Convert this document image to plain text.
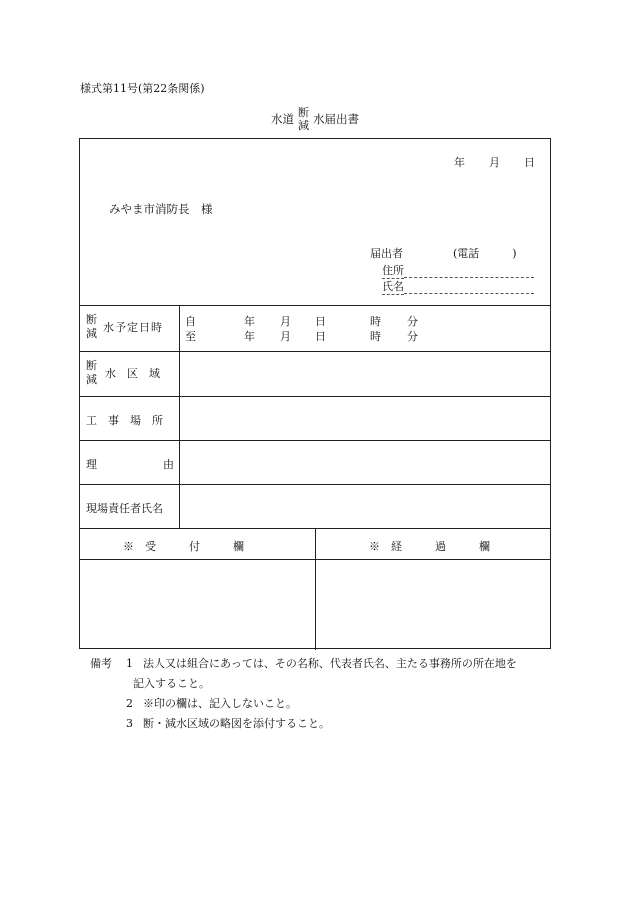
様式第11号(第22条関係)
水道 断
減 水届出書
年 月 日
みやま市消防長　様
届出者	(電話　　　)
住所
氏名
断
減 水予定日時 自	年 月 日	時 分
至	年 月 日	時 分
断
減 水　区　域
工　事　場　所
理	由
現場責任者氏名
※　受　　　付　　　欄	※　経　　　過　　　欄
備考	1 法人又は組合にあっては、その名称、代表者氏名、主たる事務所の所在地を
記入すること。
2 ※印の欄は、記入しないこと。
3 断・減水区域の略図を添付すること。
